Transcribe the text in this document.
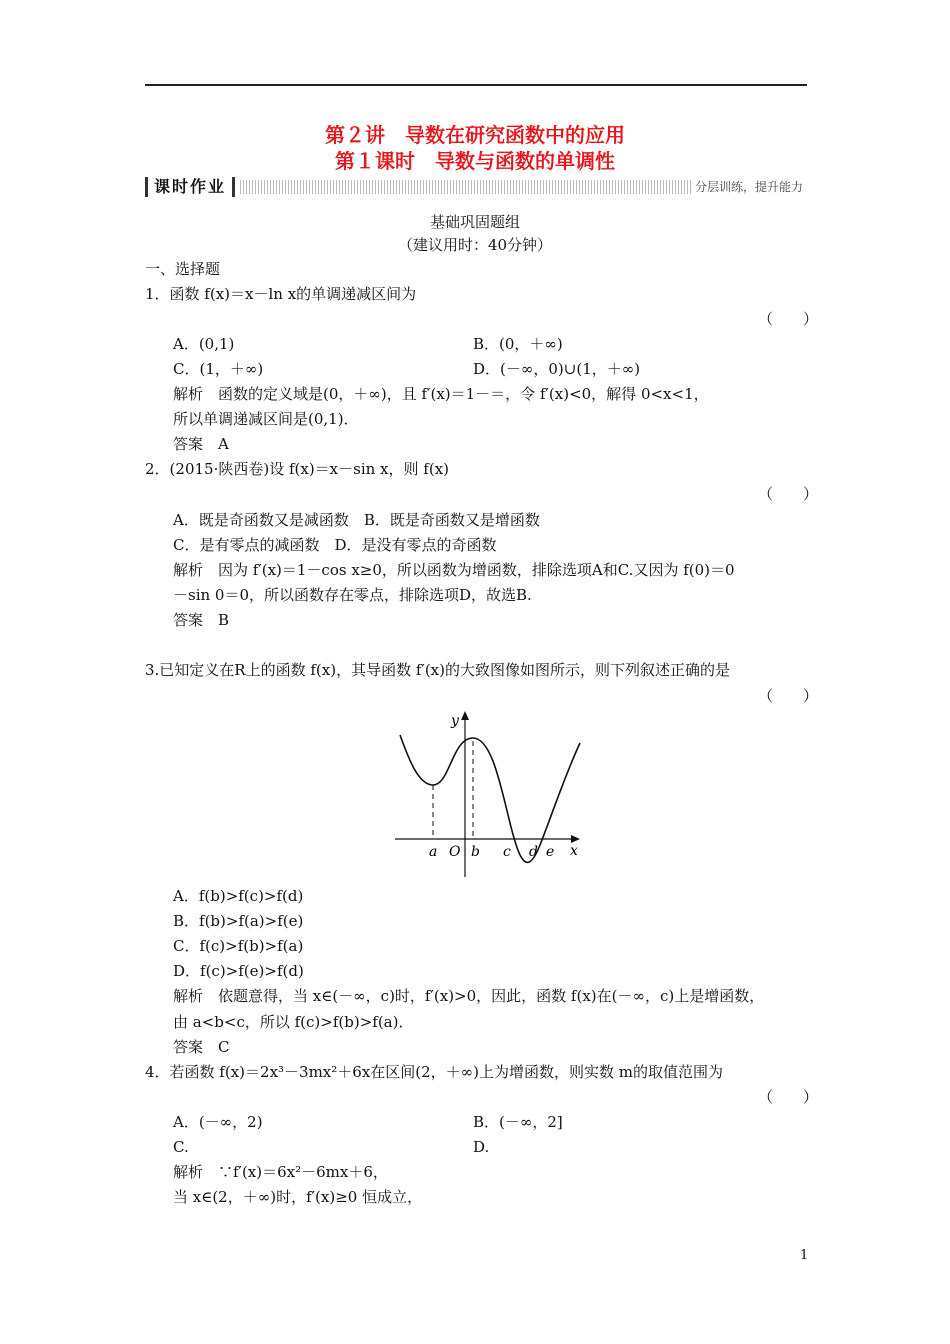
第２讲　导数在研究函数中的应用
第１课时　导数与函数的单调性
课时作业	分层训练，提升能力
基础巩固题组
（建议用时：40分钟）
一、选择题
1．函数 f(x)＝x－ln x的单调递减区间为
（　　）
A．(0,1)	B．(0，＋∞)
C．(1，＋∞)	D．(－∞，0)∪(1，＋∞)
解析　函数的定义域是(0，＋∞)，且 f′(x)＝1－＝，令 f′(x)<0，解得 0<x<1，
所以单调递减区间是(0,1)．
答案　A
2．(2015·陕西卷)设 f(x)＝x－sin x，则 f(x)
（　　）
A．既是奇函数又是减函数　B．既是奇函数又是增函数
C．是有零点的减函数　D．是没有零点的奇函数
解析　因为 f′(x)＝1－cos x≥0，所以函数为增函数，排除选项A和C.又因为 f(0)＝0
－sin 0＝0，所以函数存在零点，排除选项D，故选B.
答案　B
3.已知定义在R上的函数 f(x)，其导函数 f′(x)的大致图像如图所示，则下列叙述正确的是
（　　）
y
x
O
a b c d e
A．f(b)>f(c)>f(d)
B．f(b)>f(a)>f(e)
C．f(c)>f(b)>f(a)
D．f(c)>f(e)>f(d)
解析　依题意得，当 x∈(－∞，c)时，f′(x)>0，因此，函数 f(x)在(－∞，c)上是增函数，
由 a<b<c，所以 f(c)>f(b)>f(a)．
答案　C
4．若函数 f(x)＝2x³－3mx²＋6x在区间(2，＋∞)上为增函数，则实数 m的取值范围为
（　　）
A．(－∞，2)	B．(－∞，2]
C.	D.
解析　∵f′(x)＝6x²－6mx＋6，
当 x∈(2，＋∞)时，f′(x)≥0 恒成立，
1
